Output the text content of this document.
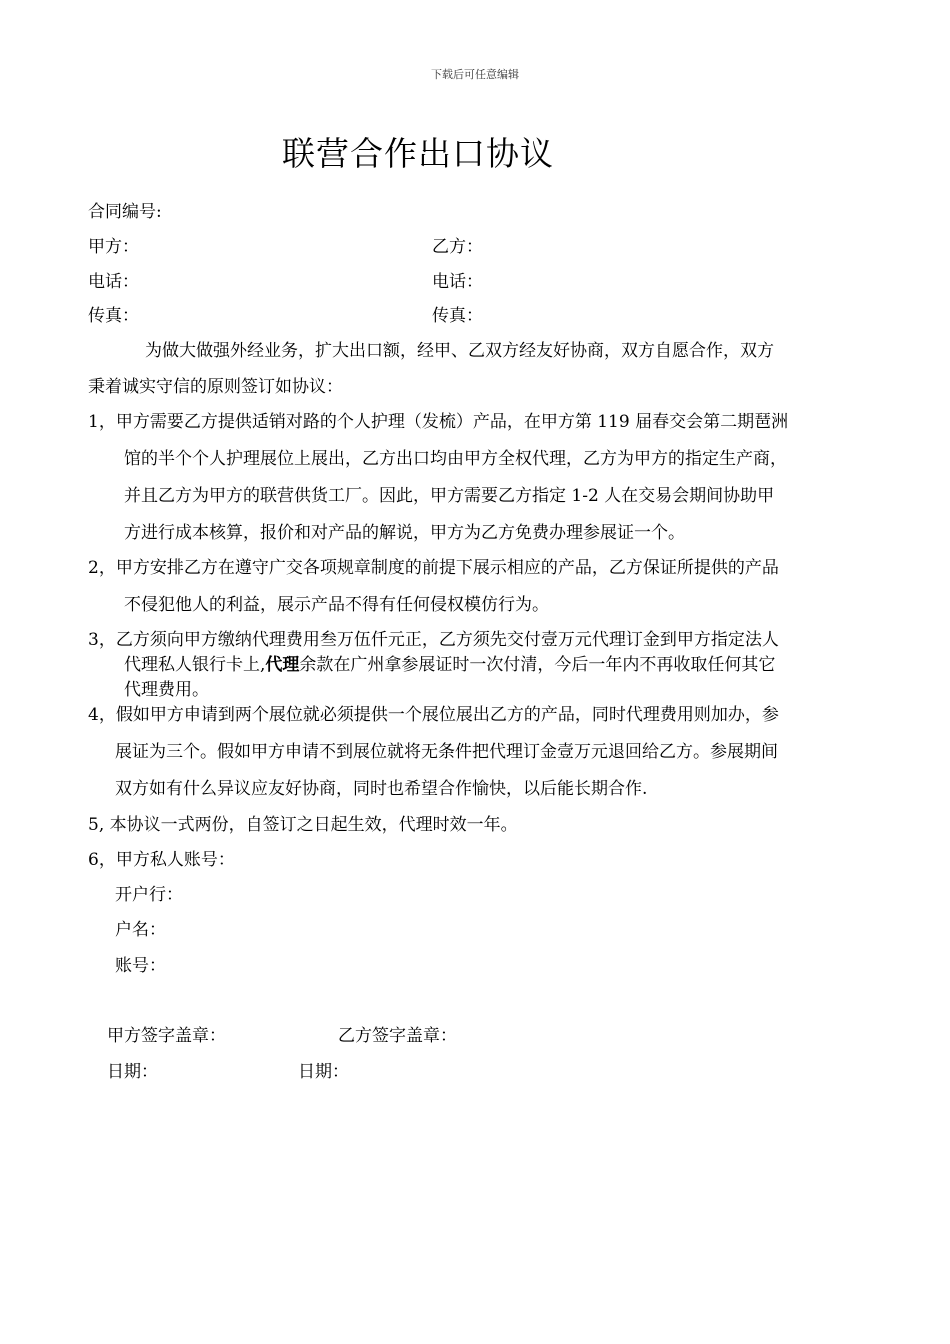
下载后可任意编辑
联营合作出口协议
合同编号:
甲方：	乙方：
电话：	电话：
传真：	传真：
为做大做强外经业务，扩大出口额，经甲、乙双方经友好协商，双方自愿合作，双方
秉着诚实守信的原则签订如协议：
1，甲方需要乙方提供适销对路的个人护理（发梳）产品，在甲方第 119 届春交会第二期琶洲
馆的半个个人护理展位上展出，乙方出口均由甲方全权代理，乙方为甲方的指定生产商，
并且乙方为甲方的联营供货工厂。因此，甲方需要乙方指定 1-2 人在交易会期间协助甲
方进行成本核算，报价和对产品的解说，甲方为乙方免费办理参展证一个。
2，甲方安排乙方在遵守广交各项规章制度的前提下展示相应的产品，乙方保证所提供的产品
不侵犯他人的利益，展示产品不得有任何侵权模仿行为。
3，乙方须向甲方缴纳代理费用叁万伍仟元正，乙方须先交付壹万元代理订金到甲方指定法人
代理私人银行卡上,代理余款在广州拿参展证时一次付清，今后一年内不再收取任何其它
代理费用。
4，假如甲方申请到两个展位就必须提供一个展位展出乙方的产品，同时代理费用则加办，参
展证为三个。假如甲方申请不到展位就将无条件把代理订金壹万元退回给乙方。参展期间
双方如有什么异议应友好协商，同时也希望合作愉快，以后能长期合作.
5, 本协议一式两份，自签订之日起生效，代理时效一年。
6，甲方私人账号：
开户行：
户名：
账号：
甲方签字盖章：	乙方签字盖章：
日期：	日期：
